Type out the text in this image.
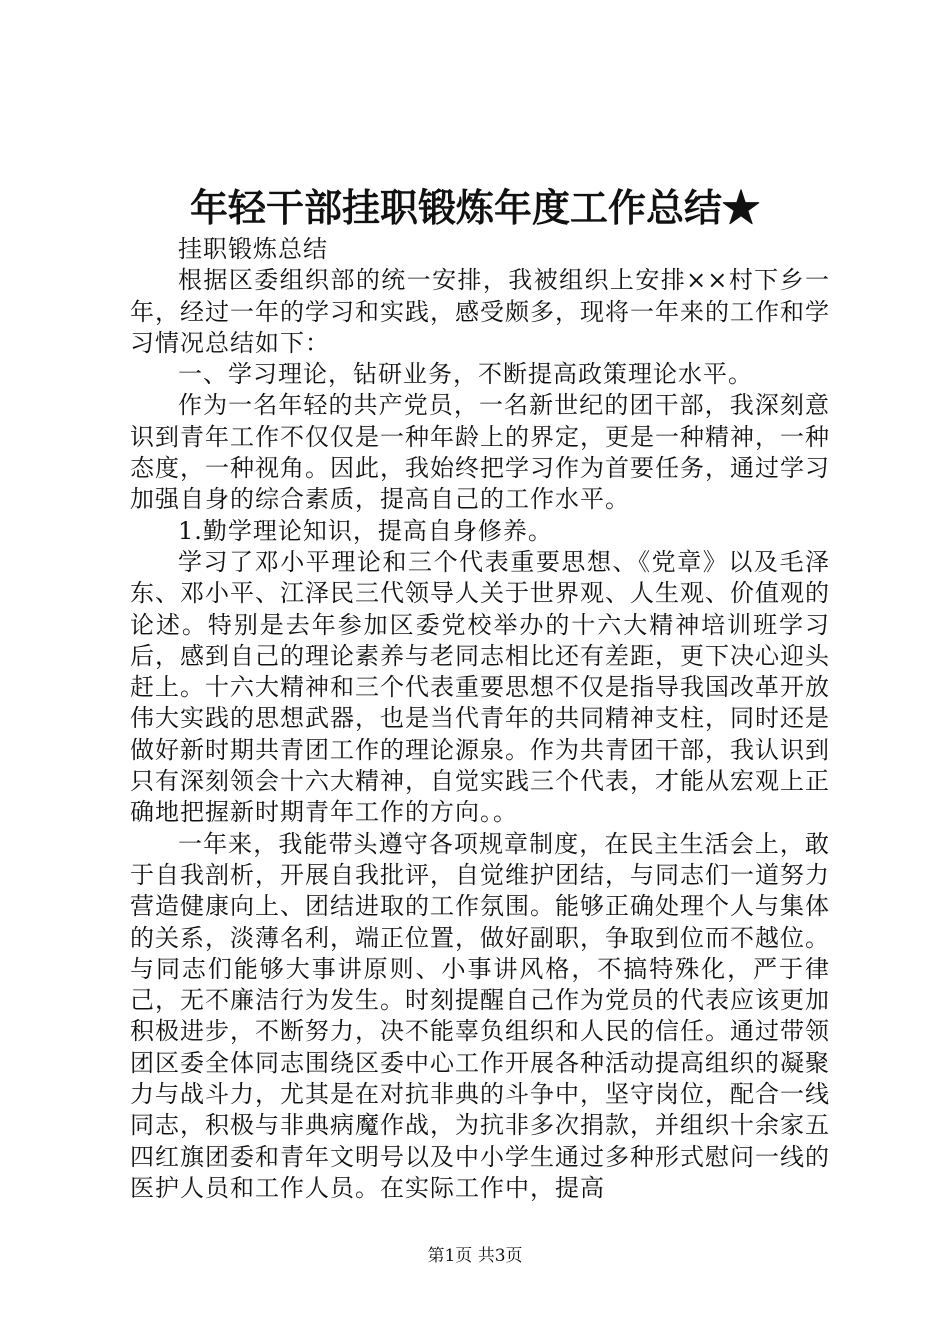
年轻干部挂职锻炼年度工作总结★

挂职锻炼总结

根据区委组织部的统一安排，我被组织上安排××村下乡一年，经过一年的学习和实践，感受颇多，现将一年来的工作和学习情况总结如下：

一、学习理论，钻研业务，不断提高政策理论水平。

作为一名年轻的共产党员，一名新世纪的团干部，我深刻意识到青年工作不仅仅是一种年龄上的界定，更是一种精神，一种态度，一种视角。因此，我始终把学习作为首要任务，通过学习加强自身的综合素质，提高自己的工作水平。

1.勤学理论知识，提高自身修养。

学习了邓小平理论和三个代表重要思想、《党章》以及毛泽东、邓小平、江泽民三代领导人关于世界观、人生观、价值观的论述。特别是去年参加区委党校举办的十六大精神培训班学习后，感到自己的理论素养与老同志相比还有差距，更下决心迎头赶上。十六大精神和三个代表重要思想不仅是指导我国改革开放伟大实践的思想武器，也是当代青年的共同精神支柱，同时还是做好新时期共青团工作的理论源泉。作为共青团干部，我认识到只有深刻领会十六大精神，自觉实践三个代表，才能从宏观上正确地把握新时期青年工作的方向。。

一年来，我能带头遵守各项规章制度，在民主生活会上，敢于自我剖析，开展自我批评，自觉维护团结，与同志们一道努力营造健康向上、团结进取的工作氛围。能够正确处理个人与集体的关系，淡薄名利，端正位置，做好副职，争取到位而不越位。与同志们能够大事讲原则、小事讲风格，不搞特殊化，严于律己，无不廉洁行为发生。时刻提醒自己作为党员的代表应该更加积极进步，不断努力，决不能辜负组织和人民的信任。通过带领团区委全体同志围绕区委中心工作开展各种活动提高组织的凝聚力与战斗力，尤其是在对抗非典的斗争中，坚守岗位，配合一线同志，积极与非典病魔作战，为抗非多次捐款，并组织十余家五四红旗团委和青年文明号以及中小学生通过多种形式慰问一线的医护人员和工作人员。在实际工作中，提高

第1页 共3页
